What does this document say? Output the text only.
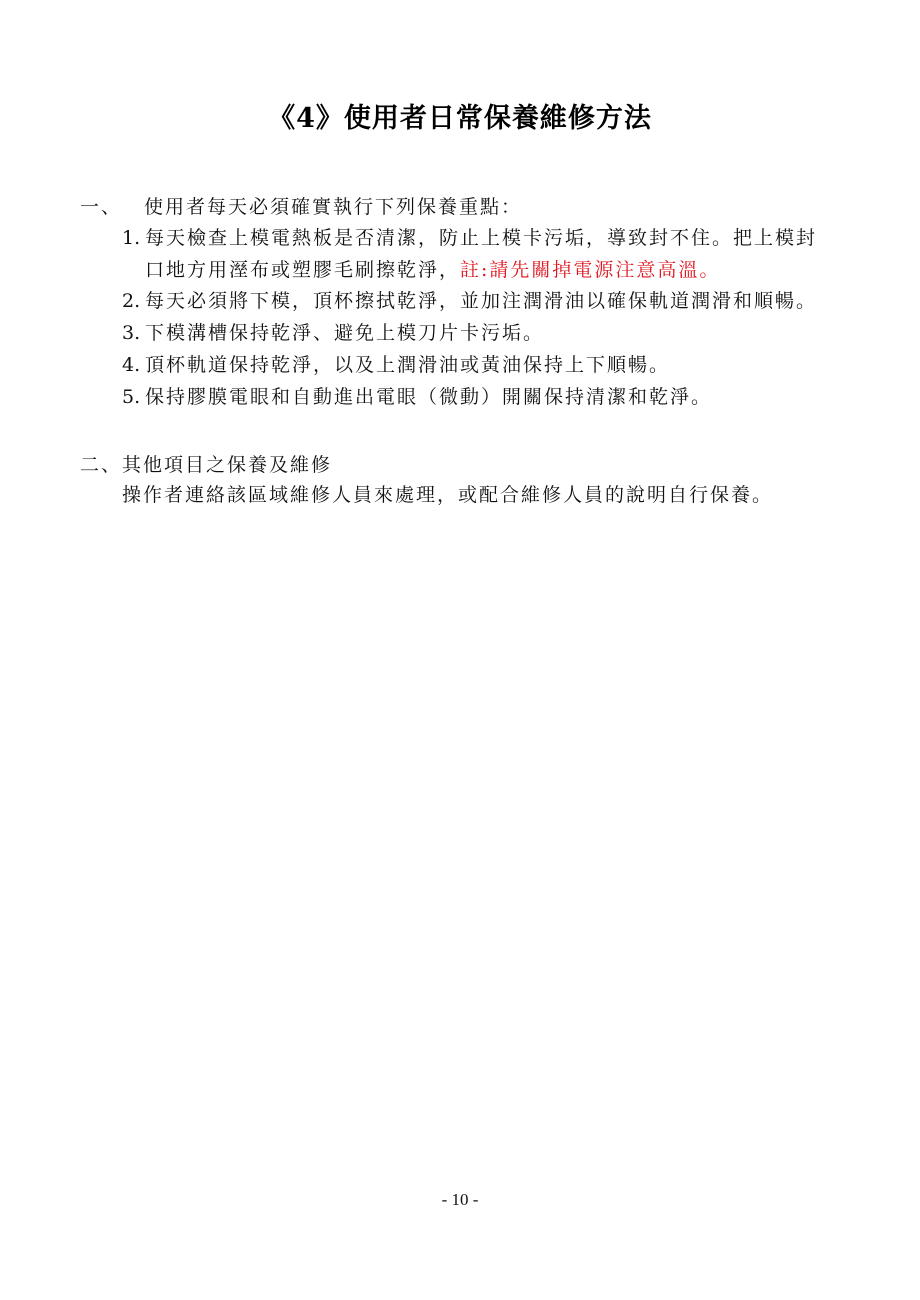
《4》使用者日常保養維修方法
一、 使用者每天必須確實執行下列保養重點：
1. 每天檢查上模電熱板是否清潔，防止上模卡污垢，導致封不住。把上模封
口地方用溼布或塑膠毛刷擦乾淨，註:請先關掉電源注意高溫。
2. 每天必須將下模，頂杯擦拭乾淨，並加注潤滑油以確保軌道潤滑和順暢。
3. 下模溝槽保持乾淨、避免上模刀片卡污垢。
4. 頂杯軌道保持乾淨，以及上潤滑油或黃油保持上下順暢。
5. 保持膠膜電眼和自動進出電眼（微動）開關保持清潔和乾淨。
二、其他項目之保養及維修
操作者連絡該區域維修人員來處理，或配合維修人員的說明自行保養。
- 10 -
